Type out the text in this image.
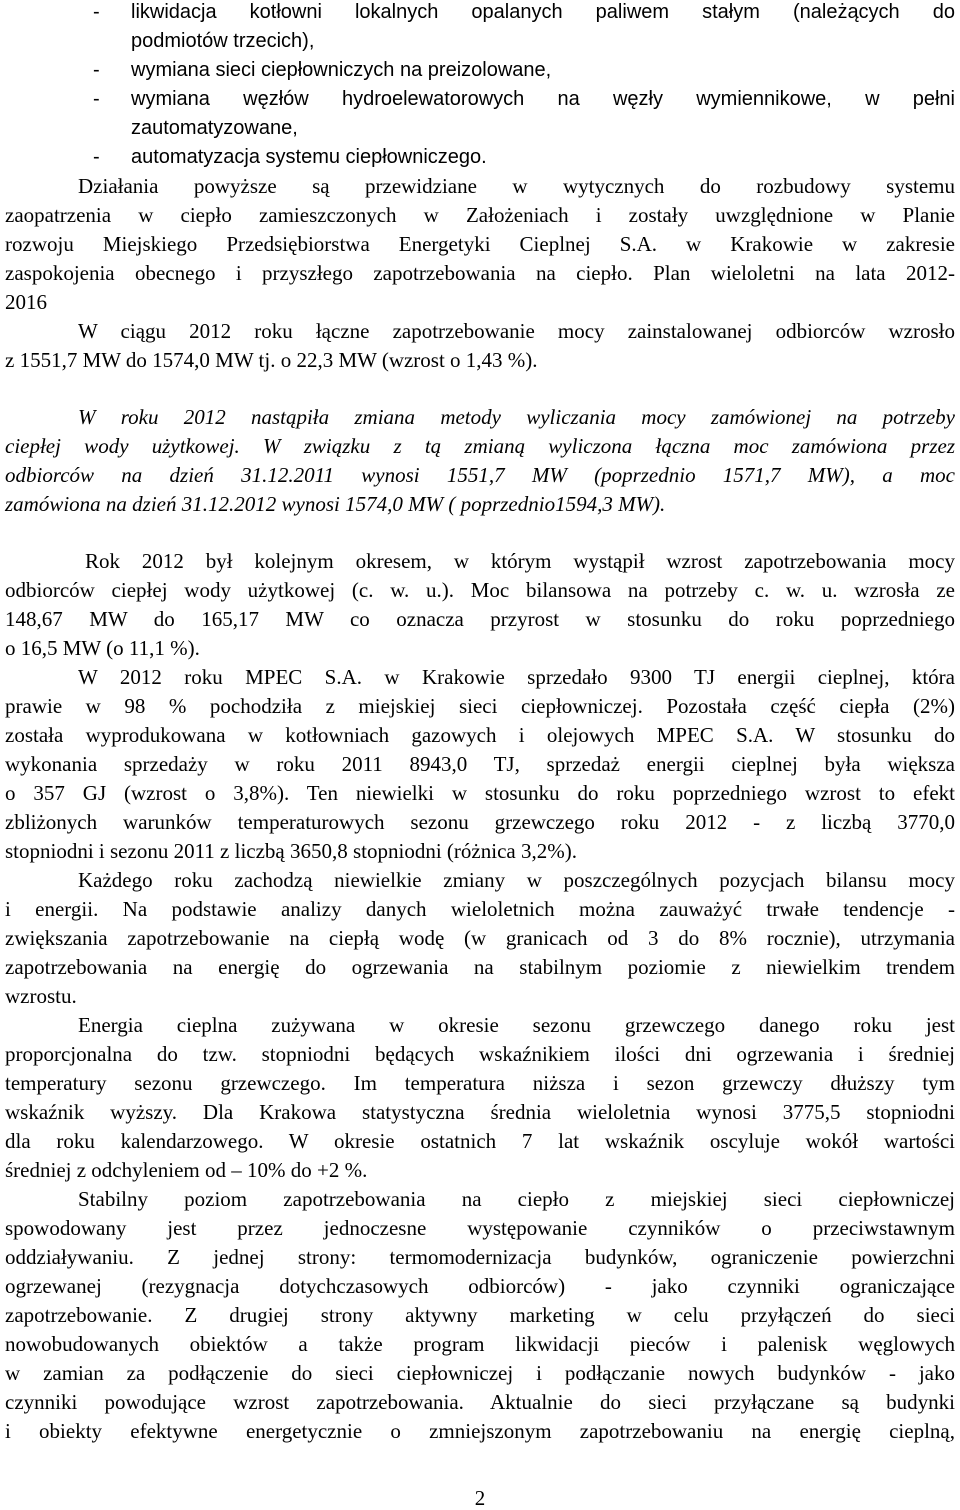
- likwidacja kotłowni lokalnych opalanych paliwem stałym (należących do
podmiotów trzecich),
- wymiana sieci ciepłowniczych na preizolowane,
- wymiana węzłów hydroelewatorowych na węzły wymiennikowe, w pełni
zautomatyzowane,
- automatyzacja systemu ciepłowniczego.
Działania powyższe są przewidziane w wytycznych do rozbudowy systemu
zaopatrzenia w ciepło zamieszczonych w Założeniach i zostały uwzględnione w Planie
rozwoju Miejskiego Przedsiębiorstwa Energetyki Cieplnej S.A. w Krakowie w zakresie
zaspokojenia obecnego i przyszłego zapotrzebowania na ciepło. Plan wieloletni na lata 2012-
2016
W ciągu 2012 roku łączne zapotrzebowanie mocy zainstalowanej odbiorców wzrosło
z 1551,7 MW do 1574,0 MW tj. o 22,3 MW (wzrost o 1,43 %).
W roku 2012 nastąpiła zmiana metody wyliczania mocy zamówionej na potrzeby
ciepłej wody użytkowej. W związku z tą zmianą wyliczona łączna moc zamówiona przez
odbiorców na dzień 31.12.2011 wynosi 1551,7 MW (poprzednio 1571,7 MW), a moc
zamówiona na dzień 31.12.2012 wynosi 1574,0 MW ( poprzednio1594,3 MW).
Rok 2012 był kolejnym okresem, w którym wystąpił wzrost zapotrzebowania mocy
odbiorców ciepłej wody użytkowej (c. w. u.). Moc bilansowa na potrzeby c. w. u. wzrosła ze
148,67 MW do 165,17 MW co oznacza przyrost w stosunku do roku poprzedniego
o 16,5 MW (o 11,1 %).
W 2012 roku MPEC S.A. w Krakowie sprzedało 9300 TJ energii cieplnej, która
prawie w 98 % pochodziła z miejskiej sieci ciepłowniczej. Pozostała część ciepła (2%)
została wyprodukowana w kotłowniach gazowych i olejowych MPEC S.A. W stosunku do
wykonania sprzedaży w roku 2011 8943,0 TJ, sprzedaż energii cieplnej była większa
o 357 GJ (wzrost o 3,8%). Ten niewielki w stosunku do roku poprzedniego wzrost to efekt
zbliżonych warunków temperaturowych sezonu grzewczego roku 2012 - z liczbą 3770,0
stopniodni i sezonu 2011 z liczbą 3650,8 stopniodni (różnica 3,2%).
Każdego roku zachodzą niewielkie zmiany w poszczególnych pozycjach bilansu mocy
i energii. Na podstawie analizy danych wieloletnich można zauważyć trwałe tendencje -
zwiększania zapotrzebowanie na ciepłą wodę (w granicach od 3 do 8% rocznie), utrzymania
zapotrzebowania na energię do ogrzewania na stabilnym poziomie z niewielkim trendem
wzrostu.
Energia cieplna zużywana w okresie sezonu grzewczego danego roku jest
proporcjonalna do tzw. stopniodni będących wskaźnikiem ilości dni ogrzewania i średniej
temperatury sezonu grzewczego. Im temperatura niższa i sezon grzewczy dłuższy tym
wskaźnik wyższy. Dla Krakowa statystyczna średnia wieloletnia wynosi 3775,5 stopniodni
dla roku kalendarzowego. W okresie ostatnich 7 lat wskaźnik oscyluje wokół wartości
średniej z odchyleniem od – 10% do +2 %.
Stabilny poziom zapotrzebowania na ciepło z miejskiej sieci ciepłowniczej
spowodowany jest przez jednoczesne występowanie czynników o przeciwstawnym
oddziaływaniu. Z jednej strony: termomodernizacja budynków, ograniczenie powierzchni
ogrzewanej (rezygnacja dotychczasowych odbiorców) - jako czynniki ograniczające
zapotrzebowanie. Z drugiej strony aktywny marketing w celu przyłączeń do sieci
nowobudowanych obiektów a także program likwidacji pieców i palenisk węglowych
w zamian za podłączenie do sieci ciepłowniczej i podłączanie nowych budynków - jako
czynniki powodujące wzrost zapotrzebowania. Aktualnie do sieci przyłączane są budynki
i obiekty efektywne energetycznie o zmniejszonym zapotrzebowaniu na energię cieplną,
2
